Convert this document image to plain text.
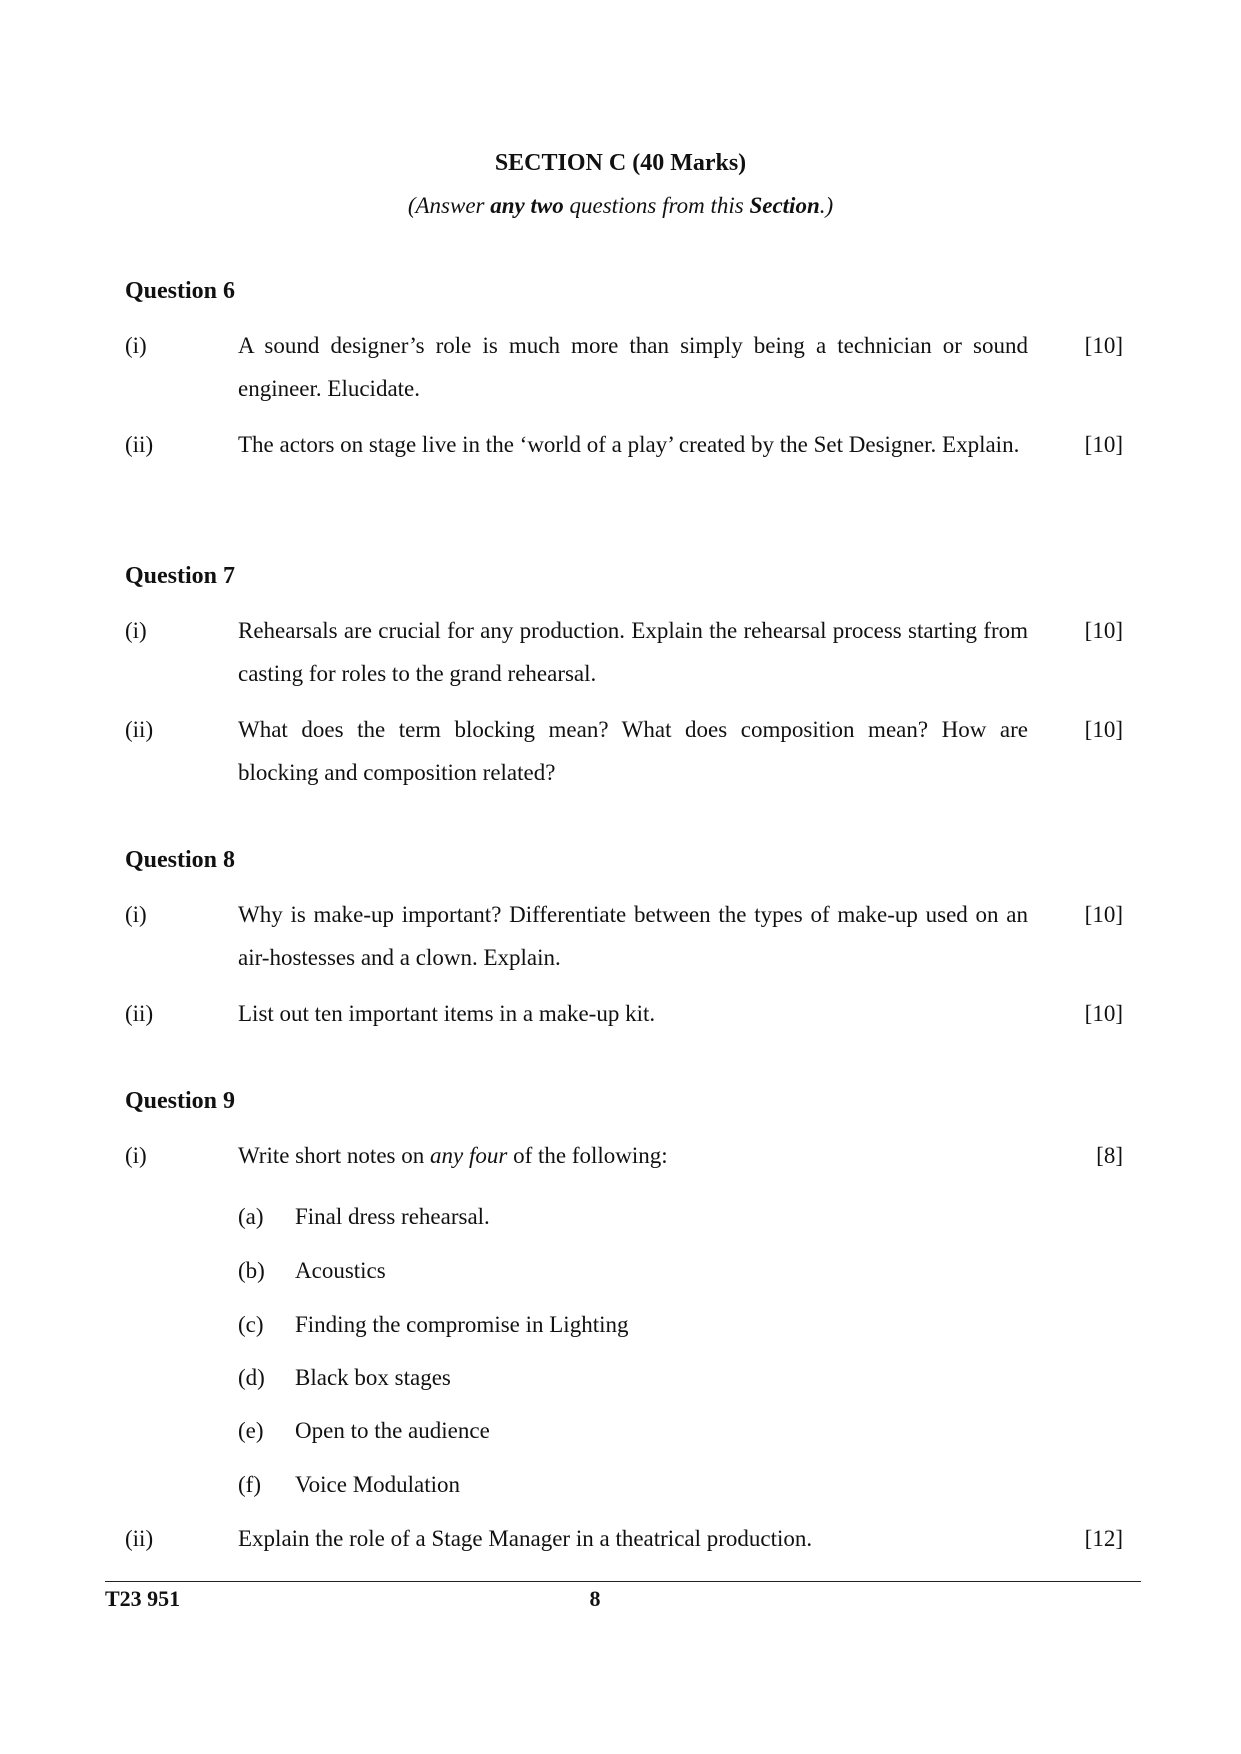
SECTION C (40 Marks)
(Answer any two questions from this Section.)
Question 6
(i)	A sound designer’s role is much more than simply being a technician or sound engineer. Elucidate.
[10]
(ii)	The actors on stage live in the ‘world of a play’ created by the Set Designer. Explain.	[10]
Question 7
(i)	Rehearsals are crucial for any production. Explain the rehearsal process starting from casting for roles to the grand rehearsal.
[10]
(ii)	What does the term blocking mean? What does composition mean? How are blocking and composition related?
[10]
Question 8
(i)	Why is make-up important? Differentiate between the types of make-up used on an air-hostesses and a clown. Explain.
[10]
(ii)	List out ten important items in a make-up kit.	[10]
Question 9
(i)	Write short notes on any four of the following:	[8]
(a) Final dress rehearsal.
(b) Acoustics
(c) Finding the compromise in Lighting
(d) Black box stages
(e) Open to the audience
(f) Voice Modulation
(ii)	Explain the role of a Stage Manager in a theatrical production.	[12]
T23 951	8
